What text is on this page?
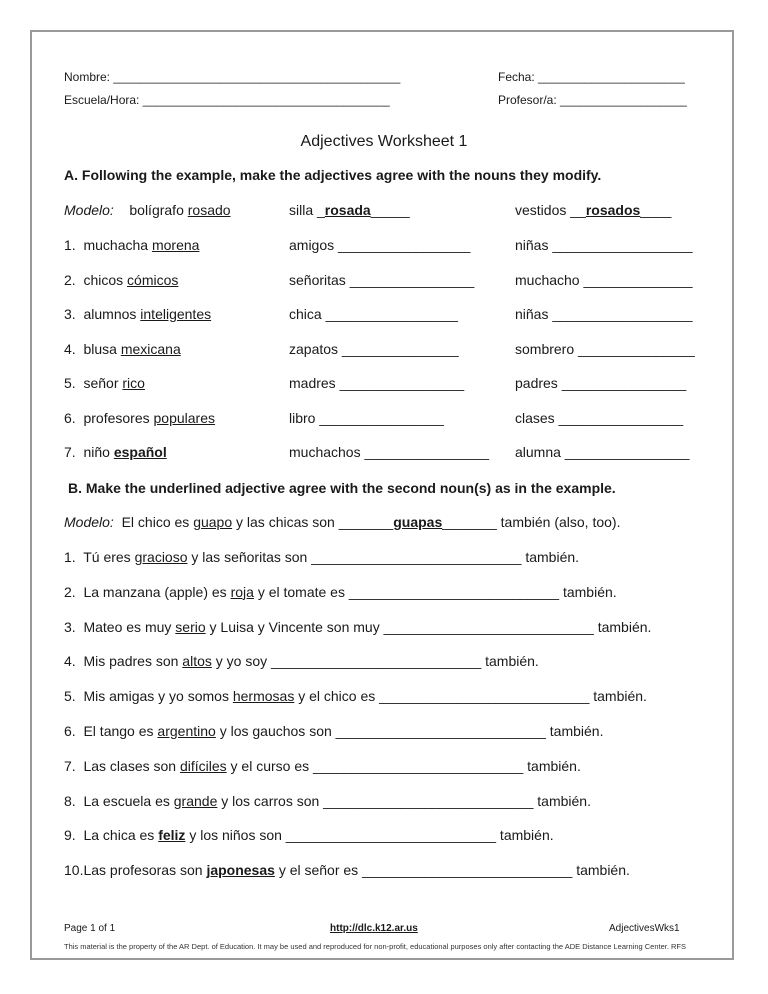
Nombre: ___________________________________________	Fecha: ______________________
Escuela/Hora: _____________________________________	Profesor/a: ___________________
Adjectives Worksheet 1
A. Following the example, make the adjectives agree with the nouns they modify.
Modelo: bolígrafo rosado	silla _rosada_____	vestidos __rosados____
1. muchacha morena	amigos _________________	niñas __________________
2. chicos cómicos	señoritas ________________	muchacho ______________
3. alumnos inteligentes	chica _________________	niñas __________________
4. blusa mexicana	zapatos _______________	sombrero _______________
5. señor rico	madres ________________	padres ________________
6. profesores populares	libro ________________	clases ________________
7. niño español	muchachos ________________ alumna ________________
B. Make the underlined adjective agree with the second noun(s) as in the example.
Modelo: El chico es guapo y las chicas son _______guapas_______ también (also, too).
1. Tú eres gracioso y las señoritas son ___________________________ también.
2. La manzana (apple) es roja y el tomate es ___________________________ también.
3. Mateo es muy serio y Luisa y Vincente son muy ___________________________ también.
4. Mis padres son altos y yo soy ___________________________ también.
5. Mis amigas y yo somos hermosas y el chico es ___________________________ también.
6. El tango es argentino y los gauchos son ___________________________ también.
7. Las clases son difíciles y el curso es ___________________________ también.
8. La escuela es grande y los carros son ___________________________ también.
9. La chica es feliz y los niños son ___________________________ también.
10.Las profesoras son japonesas y el señor es ___________________________ también.
Page 1 of 1	http://dlc.k12.ar.us	AdjectivesWks1
This material is the property of the AR Dept. of Education. It may be used and reproduced for non-profit, educational purposes only after contacting the ADE Distance Learning Center. RFS
